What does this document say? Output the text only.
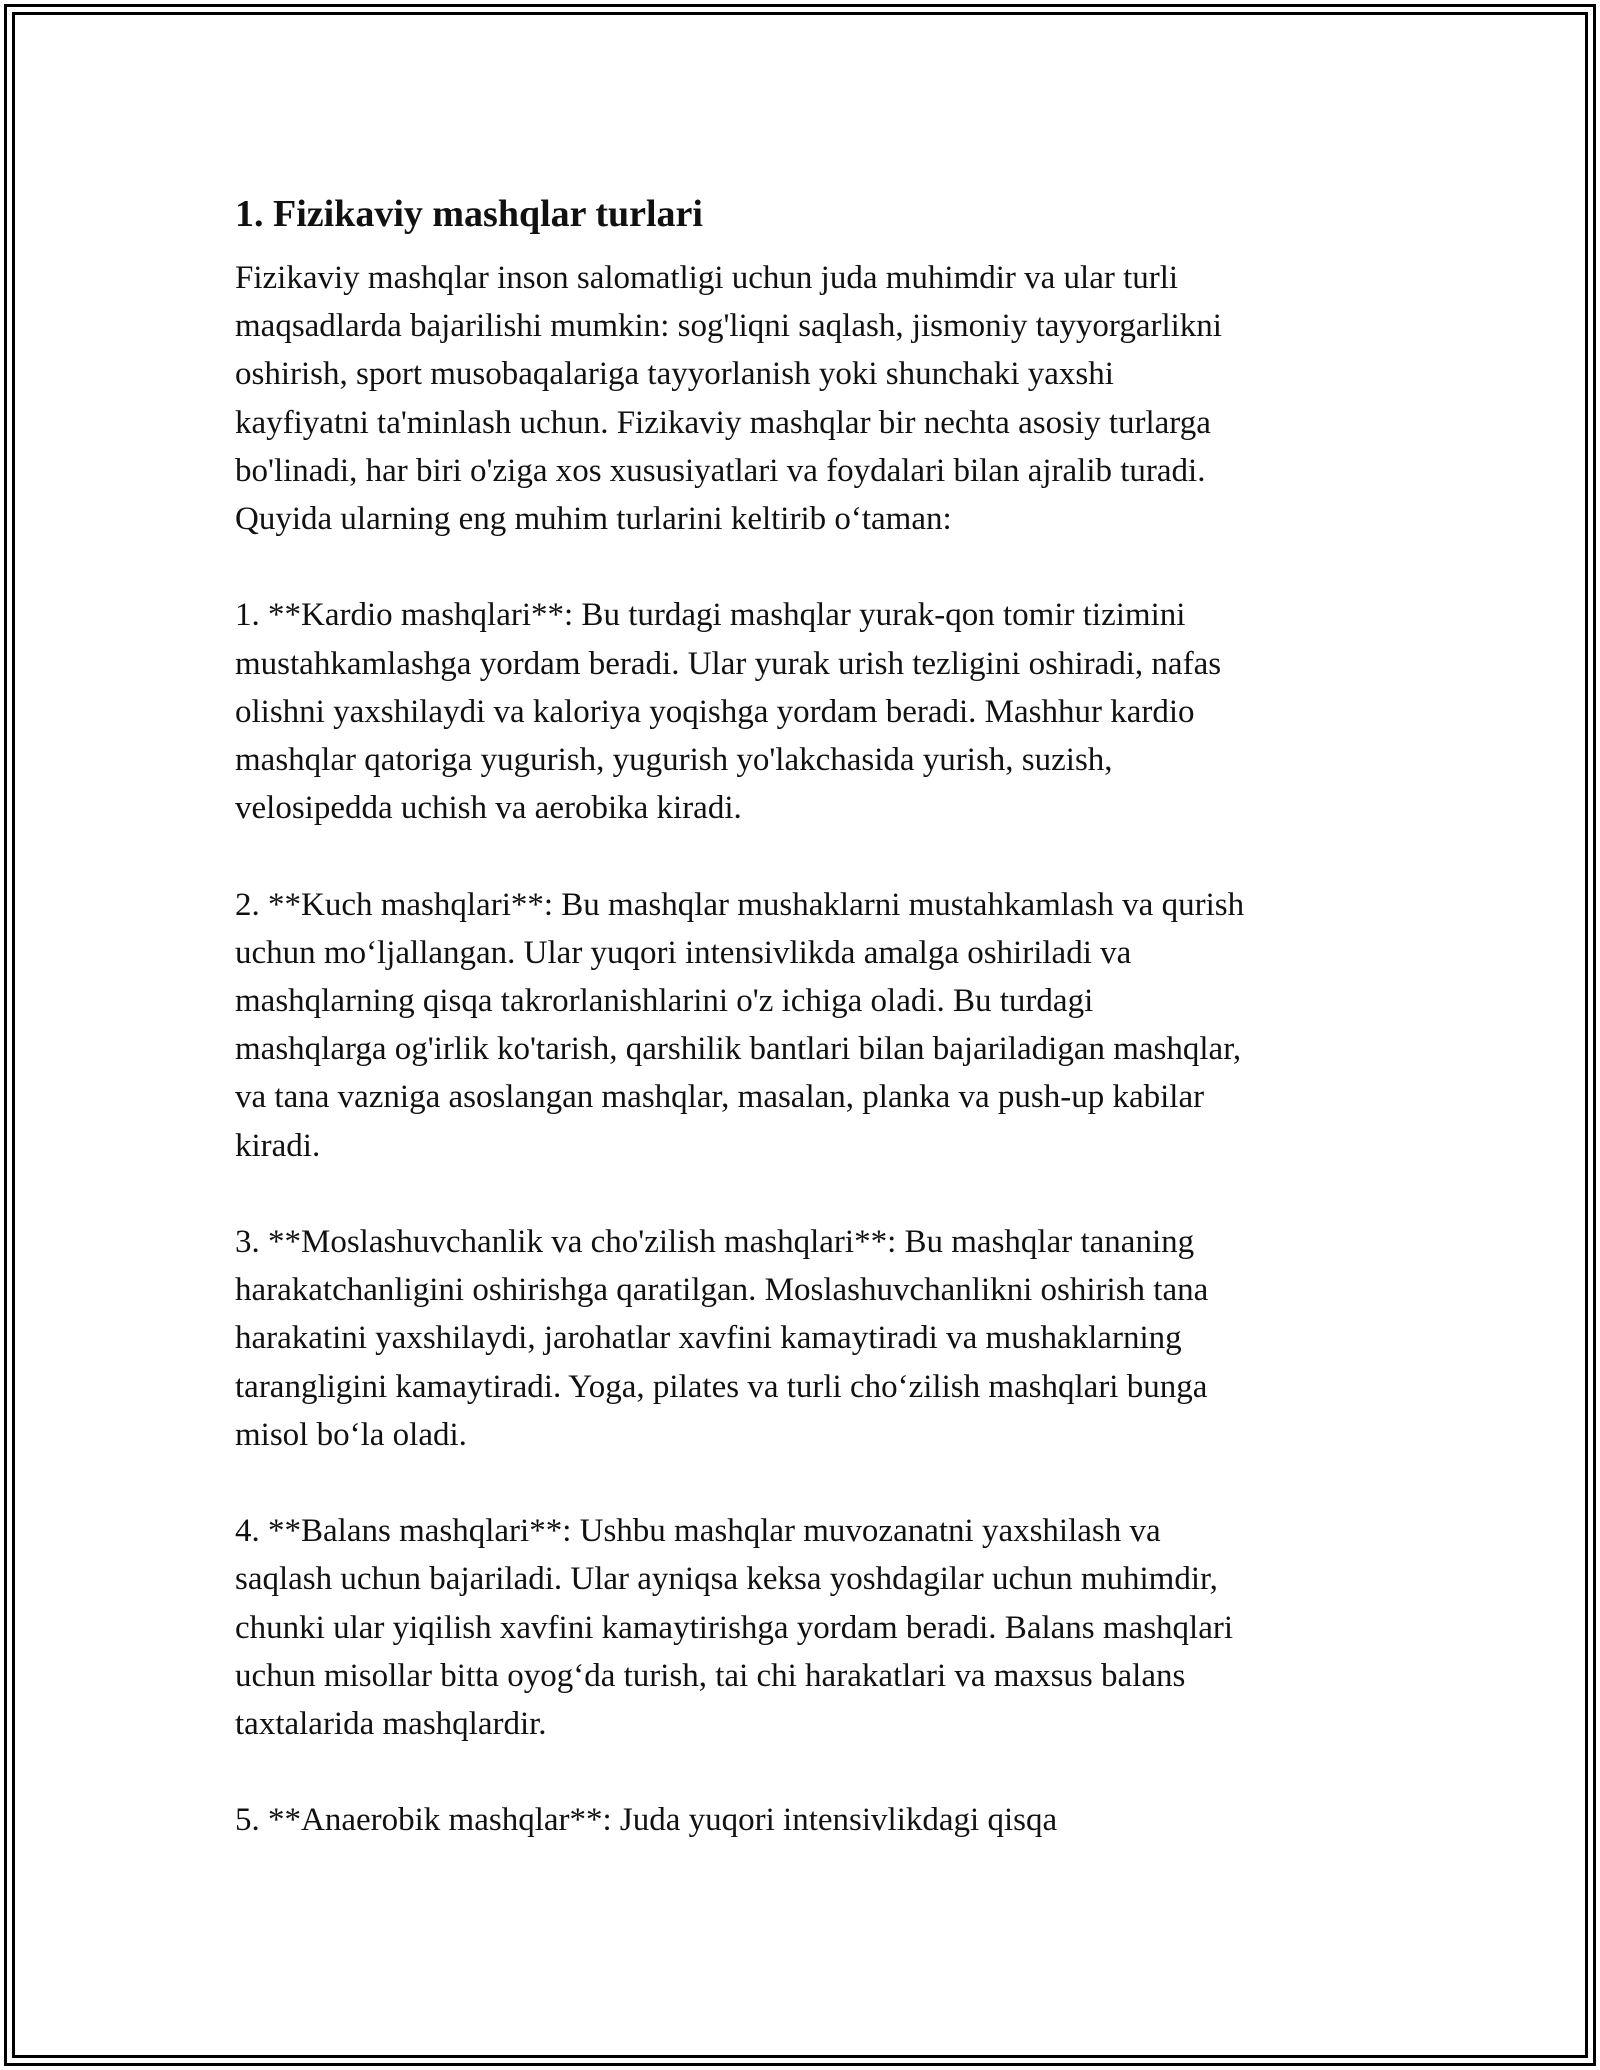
1. Fizikaviy mashqlar turlari

Fizikaviy mashqlar inson salomatligi uchun juda muhimdir va ular turli
maqsadlarda bajarilishi mumkin: sog'liqni saqlash, jismoniy tayyorgarlikni
oshirish, sport musobaqalariga tayyorlanish yoki shunchaki yaxshi
kayfiyatni ta'minlash uchun. Fizikaviy mashqlar bir nechta asosiy turlarga
bo'linadi, har biri o'ziga xos xususiyatlari va foydalari bilan ajralib turadi.
Quyida ularning eng muhim turlarini keltirib o‘taman:

1. **Kardio mashqlari**: Bu turdagi mashqlar yurak-qon tomir tizimini
mustahkamlashga yordam beradi. Ular yurak urish tezligini oshiradi, nafas
olishni yaxshilaydi va kaloriya yoqishga yordam beradi. Mashhur kardio
mashqlar qatoriga yugurish, yugurish yo'lakchasida yurish, suzish,
velosipedda uchish va aerobika kiradi.

2. **Kuch mashqlari**: Bu mashqlar mushaklarni mustahkamlash va qurish
uchun mo‘ljallangan. Ular yuqori intensivlikda amalga oshiriladi va
mashqlarning qisqa takrorlanishlarini o'z ichiga oladi. Bu turdagi
mashqlarga og'irlik ko'tarish, qarshilik bantlari bilan bajariladigan mashqlar,
va tana vazniga asoslangan mashqlar, masalan, planka va push-up kabilar
kiradi.

3. **Moslashuvchanlik va cho'zilish mashqlari**: Bu mashqlar tananing
harakatchanligini oshirishga qaratilgan. Moslashuvchanlikni oshirish tana
harakatini yaxshilaydi, jarohatlar xavfini kamaytiradi va mushaklarning
tarangligini kamaytiradi. Yoga, pilates va turli cho‘zilish mashqlari bunga
misol bo‘la oladi.

4. **Balans mashqlari**: Ushbu mashqlar muvozanatni yaxshilash va
saqlash uchun bajariladi. Ular ayniqsa keksa yoshdagilar uchun muhimdir,
chunki ular yiqilish xavfini kamaytirishga yordam beradi. Balans mashqlari
uchun misollar bitta oyog‘da turish, tai chi harakatlari va maxsus balans
taxtalarida mashqlardir.

5. **Anaerobik mashqlar**: Juda yuqori intensivlikdagi qisqa
